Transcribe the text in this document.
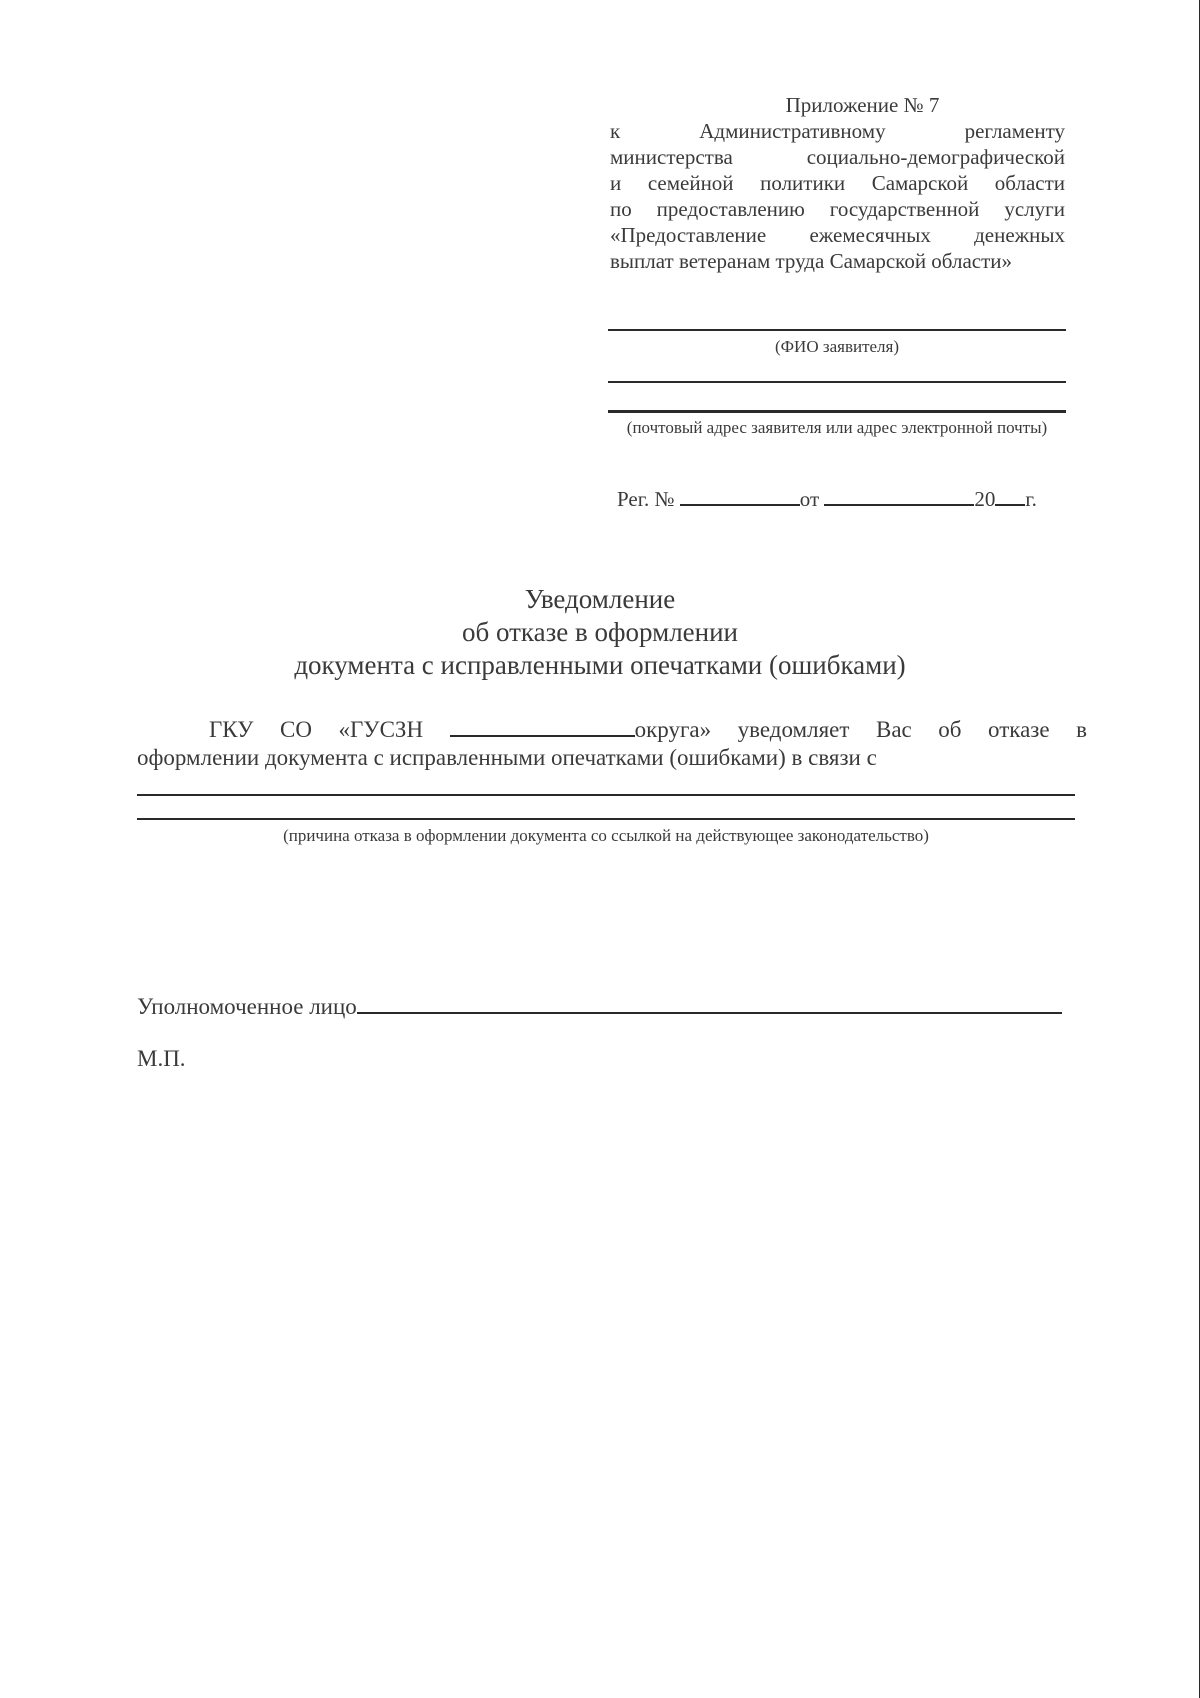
Приложение № 7
к Административному регламенту
министерства социально-демографической
и семейной политики Самарской области
по предоставлению государственной услуги
«Предоставление ежемесячных денежных
выплат ветеранам труда Самарской области»
(ФИО заявителя)
(почтовый адрес заявителя или адрес электронной почты)
Рег. №	от	20 г.
Уведомление
об отказе в оформлении
документа с исправленными опечатками (ошибками)
ГКУ СО «ГУСЗН	округа» уведомляет Вас об отказе в
оформлении документа с исправленными опечатками (ошибками) в связи с
(причина отказа в оформлении документа со ссылкой на действующее законодательство)
Уполномоченное лицо
М.П.
